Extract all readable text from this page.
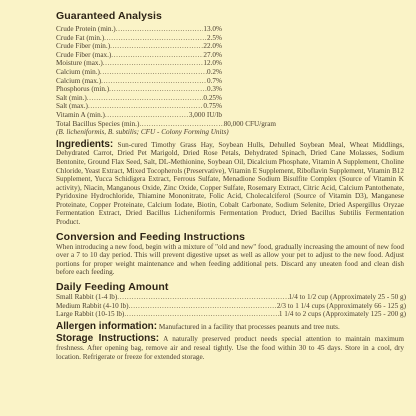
Guaranteed Analysis
Crude Protein (min.) .....	13.0%
Crude Fat (min.) .....	2.5%
Crude Fiber (min.) .....	22.0%
Crude Fiber (max.) .....	27.0%
Moisture (max.) .....	12.0%
Calcium (min.) .....	0.2%
Calcium (max.) .....	0.7%
Phosphorus (min.) .....	0.3%
Salt (min.) .....	0.25%
Salt (max.) .....	0.75%
Vitamin A (min.) .....	3,000 IU/lb
Total Bacillus Species (min.) .....	80,000 CFU/gram
(B. licheniformis, B. subtilis; CFU - Colony Forming Units)

Ingredients: Sun-cured Timothy Grass Hay, Soybean Hulls, Dehulled Soybean Meal, Wheat Middlings, Dehydrated Carrot, Dried Pet Marigold, Dried Rose Petals, Dehydrated Spinach, Dried Cane Molasses, Sodium Bentonite, Ground Flax Seed, Salt, DL-Methionine, Soybean Oil, Dicalcium Phosphate, Vitamin A Supplement, Choline Chloride, Yeast Extract, Mixed Tocopherols (Preservative), Vitamin E Supplement, Riboflavin Supplement, Vitamin B12 Supplement, Yucca Schidigera Extract, Ferrous Sulfate, Menadione Sodium Bisulfite Complex (Source of Vitamin K activity), Niacin, Manganous Oxide, Zinc Oxide, Copper Sulfate, Rosemary Extract, Citric Acid, Calcium Pantothenate, Pyridoxine Hydrochloride, Thiamine Mononitrate, Folic Acid, Cholecalciferol (Source of Vitamin D3), Manganese Proteinate, Copper Proteinate, Calcium Iodate, Biotin, Cobalt Carbonate, Sodium Selenite, Dried Aspergillus Oryzae Fermentation Extract, Dried Bacillus Licheniformis Fermentation Product, Dried Bacillus Subtilis Fermentation Product.

Conversion and Feeding Instructions

When introducing a new food, begin with a mixture of "old and new" food, gradually increasing the amount of new food over a 7 to 10 day period. This will prevent digestive upset as well as allow your pet to adjust to the new food. Adjust portions for proper weight maintenance and when feeding additional pets. Discard any uneaten food and clean dish before each feeding.

Daily Feeding Amount
Small Rabbit (1-4 lb) .....	1/4 to 1/2 cup (Approximately 25 - 50 g)
Medium Rabbit (4-10 lb) .....	2/3 to 1 1/4 cups (Approximately 66 - 125 g)
Large Rabbit (10-15 lb) .....	1 1/4 to 2 cups (Approximately 125 - 200 g)

Allergen information: Manufactured in a facility that processes peanuts and tree nuts.

Storage Instructions: A naturally preserved product needs special attention to maintain maximum freshness. After opening bag, remove air and reseal tightly. Use the food within 30 to 45 days. Store in a cool, dry location. Refrigerate or freeze for extended storage.
